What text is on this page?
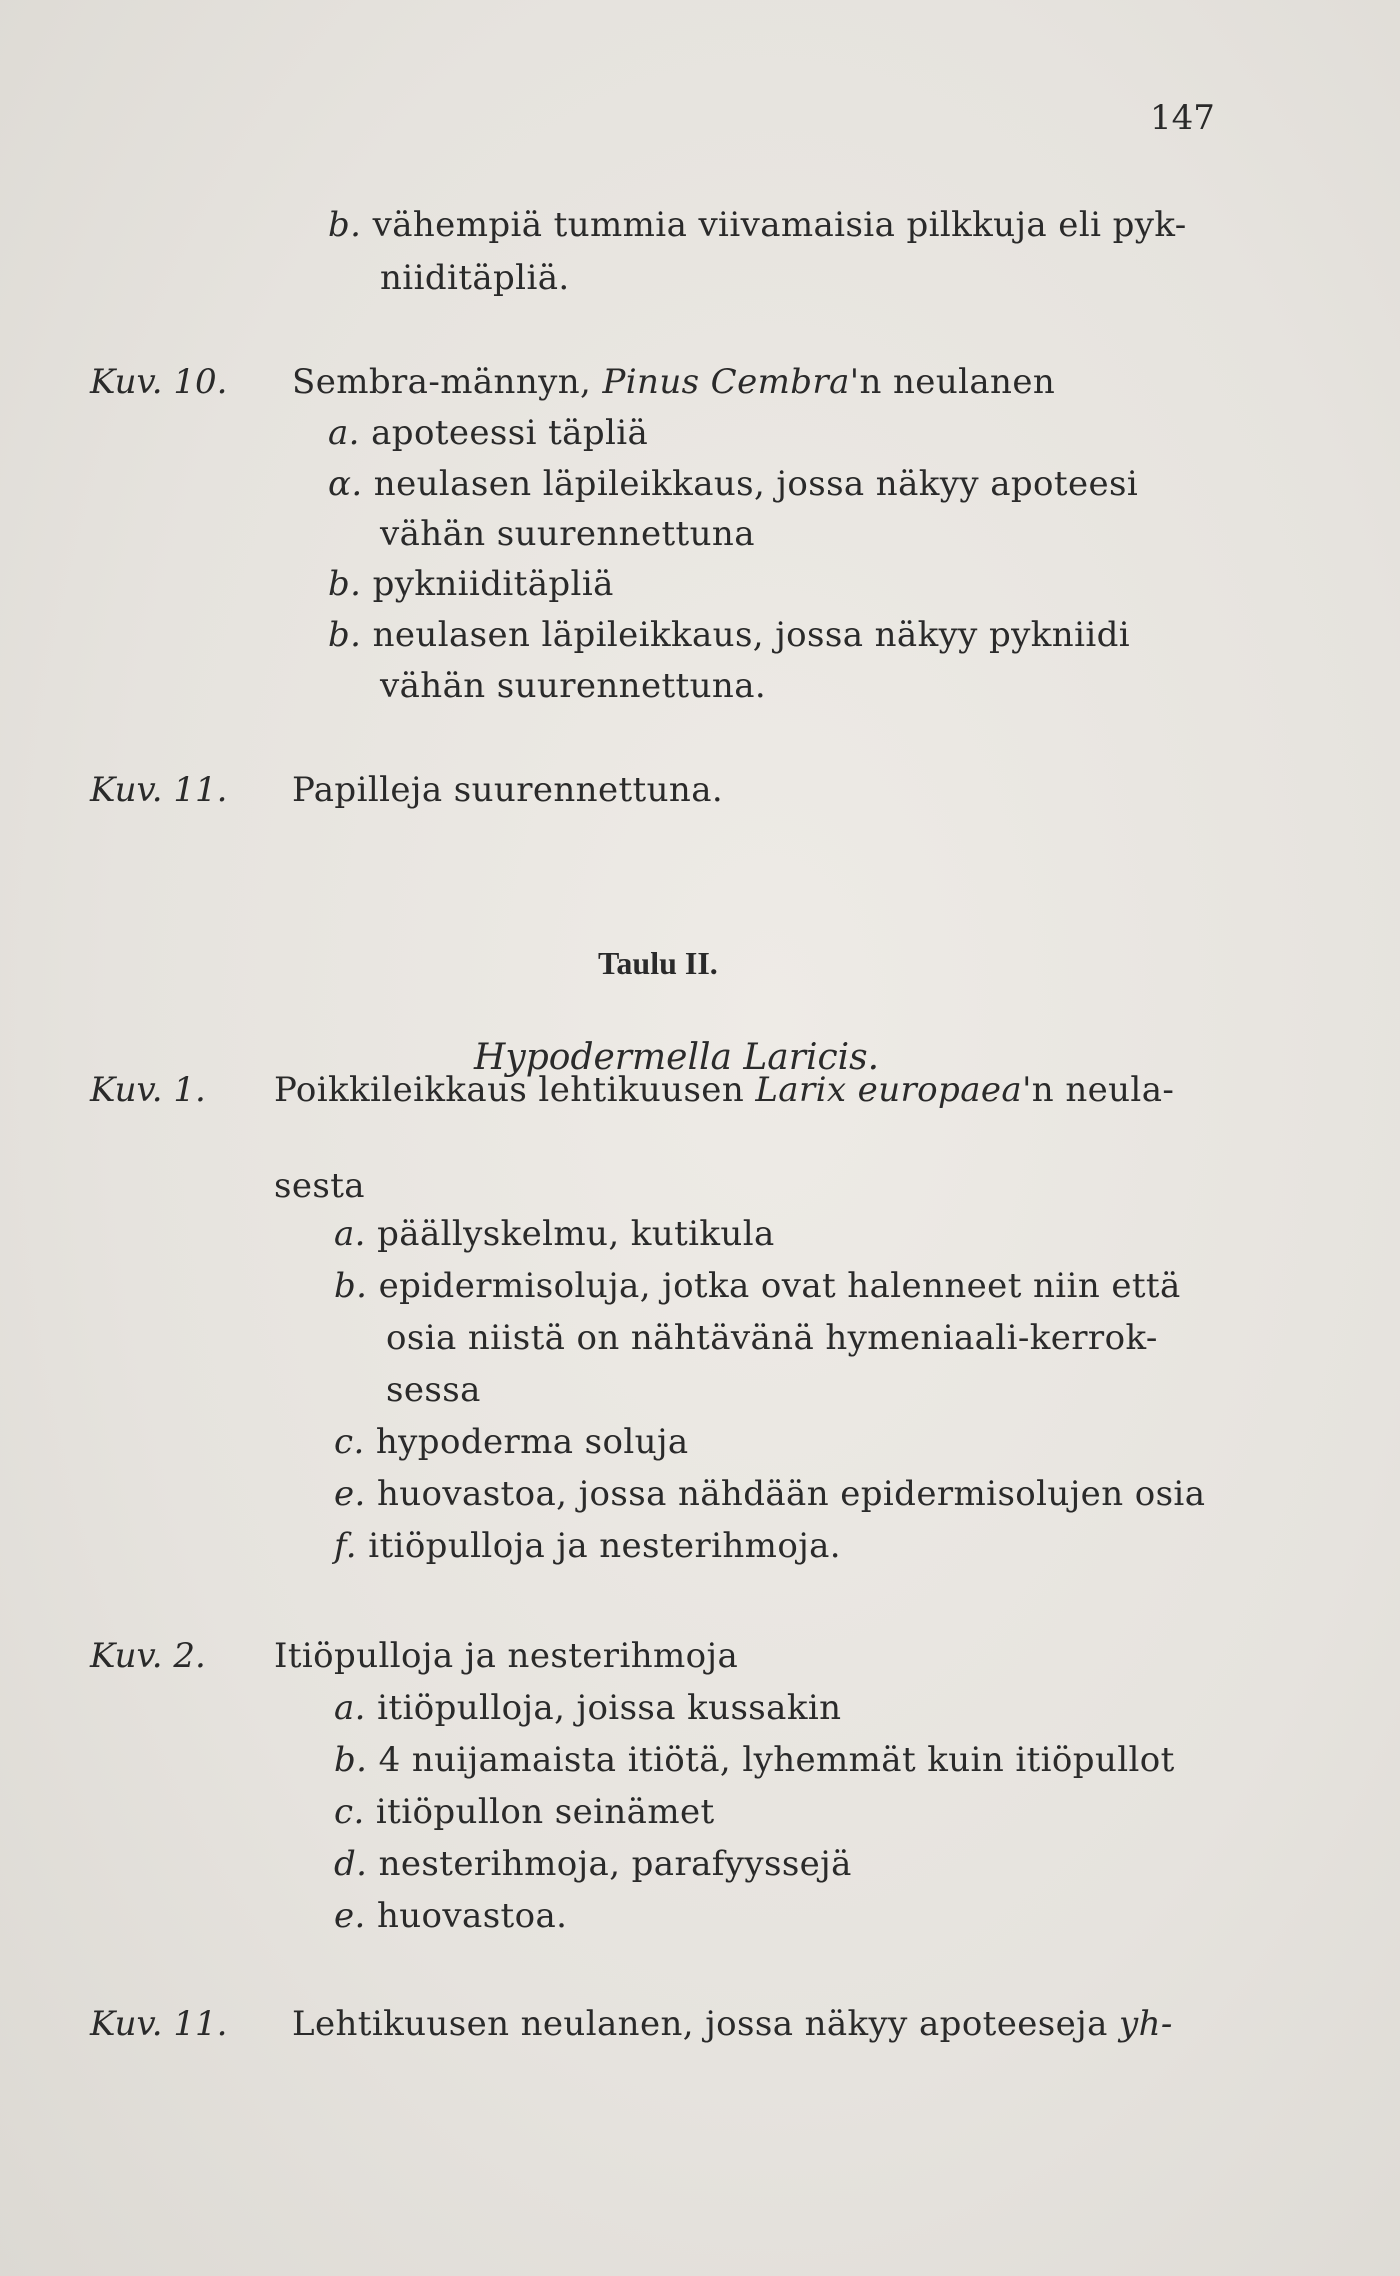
147
b. vähempiä tummia viivamaisia pilkkuja eli pyk-
niiditäpliä.
Kuv. 10. Sembra-männyn, Pinus Cembra'n neulanen
a. apoteessi täpliä
α. neulasen läpileikkaus, jossa näkyy apoteesi
vähän suurennettuna
b. pykniiditäpliä
b. neulasen läpileikkaus, jossa näkyy pykniidi
vähän suurennettuna.
Kuv. 11. Papilleja suurennettuna.
Taulu II.
Hypodermella Laricis.
Kuv. 1. Poikkileikkaus lehtikuusen Larix europaea'n neula-
sesta
a. päällyskelmu, kutikula
b. epidermisoluja, jotka ovat halenneet niin että
osia niistä on nähtävänä hymeniaali-kerrok-
sessa
c. hypoderma soluja
e. huovastoa, jossa nähdään epidermisolujen osia
f. itiöpulloja ja nesterihmoja.
Kuv. 2. Itiöpulloja ja nesterihmoja
a. itiöpulloja, joissa kussakin
b. 4 nuijamaista itiötä, lyhemmät kuin itiöpullot
c. itiöpullon seinämet
d. nesterihmoja, parafyyssejä
e. huovastoa.
Kuv. 11. Lehtikuusen neulanen, jossa näkyy apoteeseja yh-
